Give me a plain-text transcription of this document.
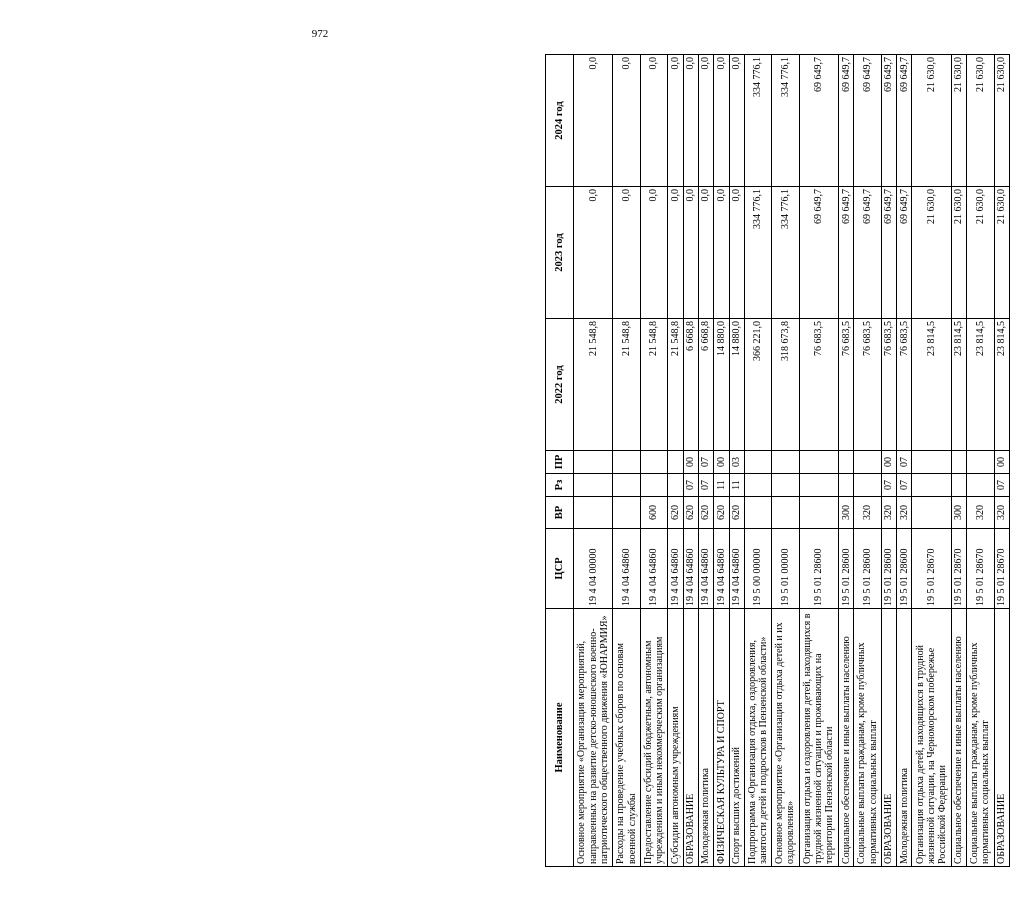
972
Наименование	ЦСР	ВР	Рз	ПР	2022 год	2023 год	2024 год
Основное мероприятие «Организация мероприятий, направленных на развитие детско-юношеского военно-патриотического общественного движения «ЮНАРМИЯ»	19 4 04 00000				21 548,8	0,0	0,0
Расходы на проведение учебных сборов по основам военной службы	19 4 04 64860				21 548,8	0,0	0,0
Предоставление субсидий бюджетным, автономным учреждениям и иным некоммерческим организациям	19 4 04 64860	600			21 548,8	0,0	0,0
Субсидии автономным учреждениям	19 4 04 64860	620			21 548,8	0,0	0,0
ОБРАЗОВАНИЕ	19 4 04 64860	620	07	00	6 668,8	0,0	0,0
Молодежная политика	19 4 04 64860	620	07	07	6 668,8	0,0	0,0
ФИЗИЧЕСКАЯ КУЛЬТУРА И СПОРТ	19 4 04 64860	620	11	00	14 880,0	0,0	0,0
Спорт высших достижений	19 4 04 64860	620	11	03	14 880,0	0,0	0,0
Подпрограмма «Организация отдыха, оздоровления, занятости детей и подростков в Пензенской области»	19 5 00 00000				366 221,0	334 776,1	334 776,1
Основное мероприятие «Организация отдыха детей и их оздоровления»	19 5 01 00000				318 673,8	334 776,1	334 776,1
Организация отдыха и оздоровления детей, находящихся в трудной жизненной ситуации и проживающих на территории Пензенской области	19 5 01 28600				76 683,5	69 649,7	69 649,7
Социальное обеспечение и иные выплаты населению	19 5 01 28600	300			76 683,5	69 649,7	69 649,7
Социальные выплаты гражданам, кроме публичных нормативных социальных выплат	19 5 01 28600	320			76 683,5	69 649,7	69 649,7
ОБРАЗОВАНИЕ	19 5 01 28600	320	07	00	76 683,5	69 649,7	69 649,7
Молодежная политика	19 5 01 28600	320	07	07	76 683,5	69 649,7	69 649,7
Организация отдыха детей, находящихся в трудной жизненной ситуации, на Черноморском побережье Российской Федерации	19 5 01 28670				23 814,5	21 630,0	21 630,0
Социальное обеспечение и иные выплаты населению	19 5 01 28670	300			23 814,5	21 630,0	21 630,0
Социальные выплаты гражданам, кроме публичных нормативных социальных выплат	19 5 01 28670	320			23 814,5	21 630,0	21 630,0
ОБРАЗОВАНИЕ	19 5 01 28670	320	07	00	23 814,5	21 630,0	21 630,0
